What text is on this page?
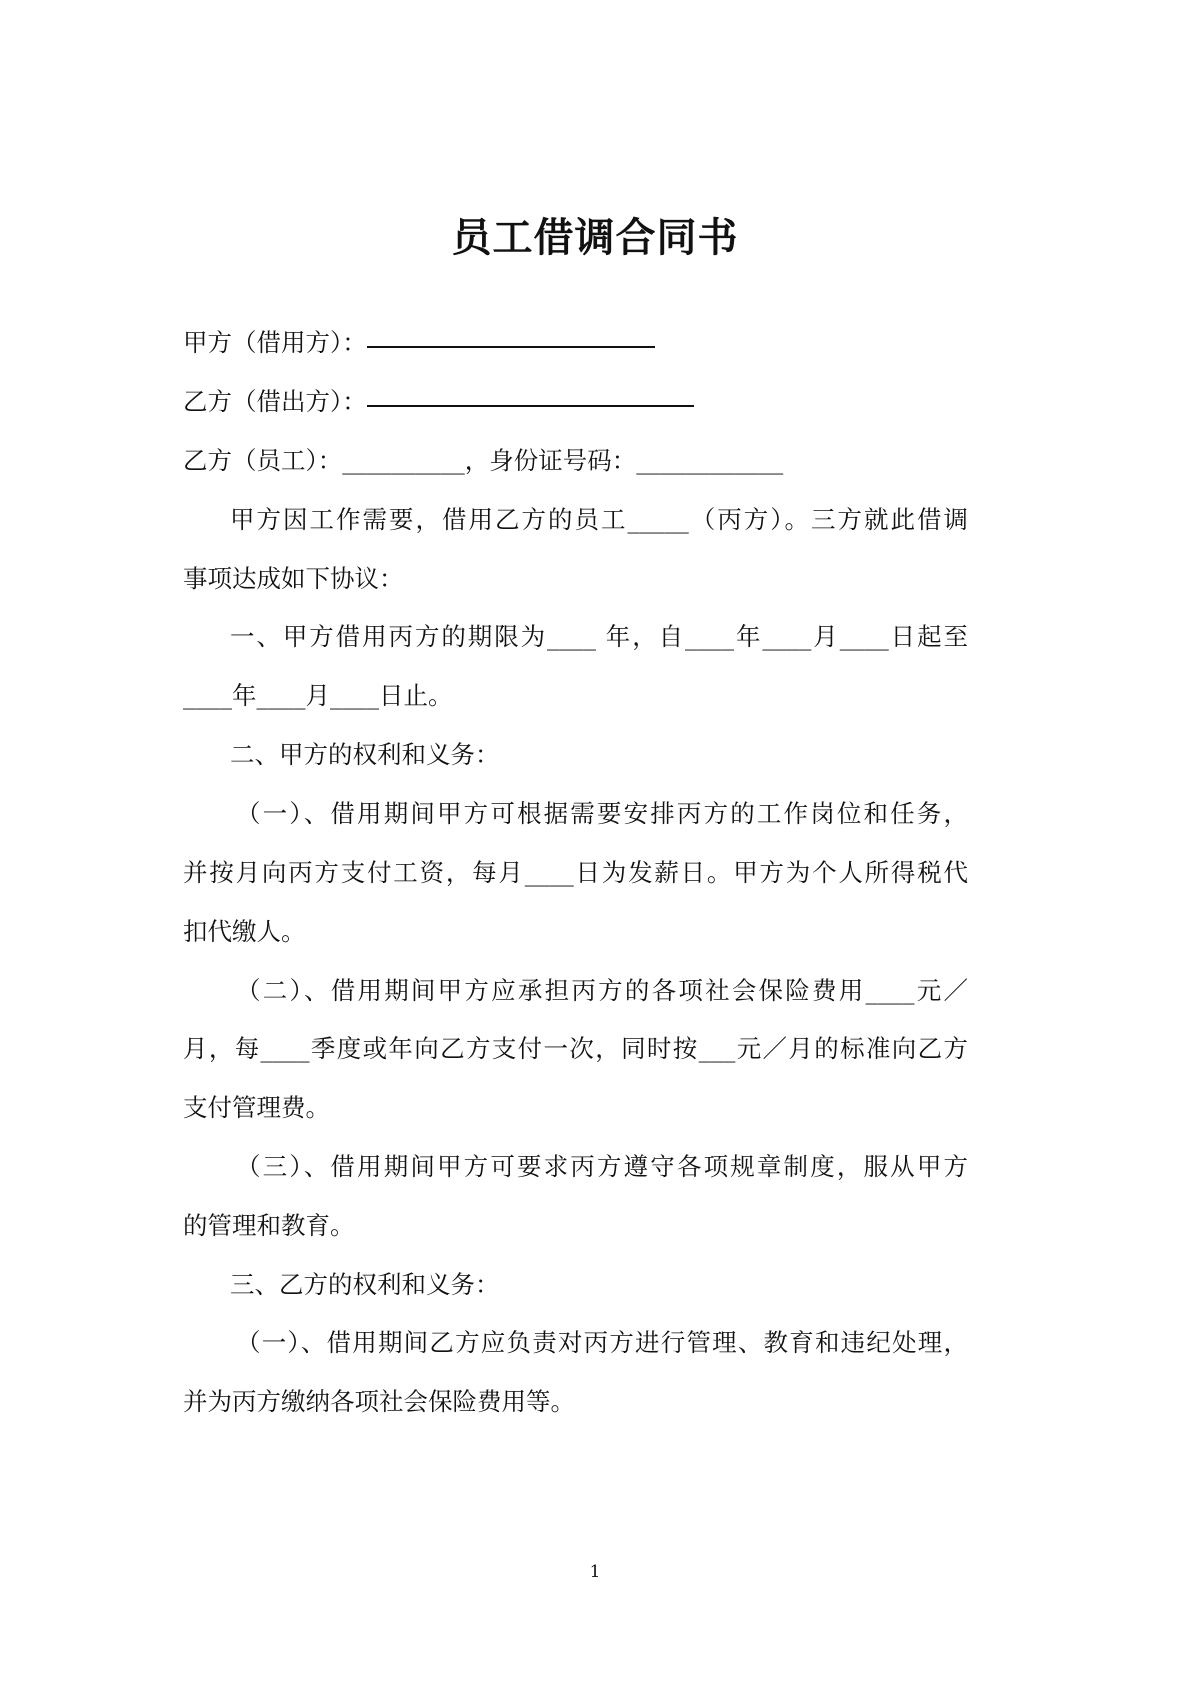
员工借调合同书
甲方（借用方）：
乙方（借出方）：
乙方（员工）：__________，身份证号码：____________
甲方因工作需要，借用乙方的员工_____（丙方）。三方就此借调
事项达成如下协议：
一、甲方借用丙方的期限为____ 年，自____年____月____日起至
____年____月____日止。
二、甲方的权利和义务：
（一）、借用期间甲方可根据需要安排丙方的工作岗位和任务，
并按月向丙方支付工资，每月____日为发薪日。甲方为个人所得税代
扣代缴人。
（二）、借用期间甲方应承担丙方的各项社会保险费用____元／
月，每____季度或年向乙方支付一次，同时按___元／月的标准向乙方
支付管理费。
（三）、借用期间甲方可要求丙方遵守各项规章制度，服从甲方
的管理和教育。
三、乙方的权利和义务：
（一）、借用期间乙方应负责对丙方进行管理、教育和违纪处理，
并为丙方缴纳各项社会保险费用等。
1
